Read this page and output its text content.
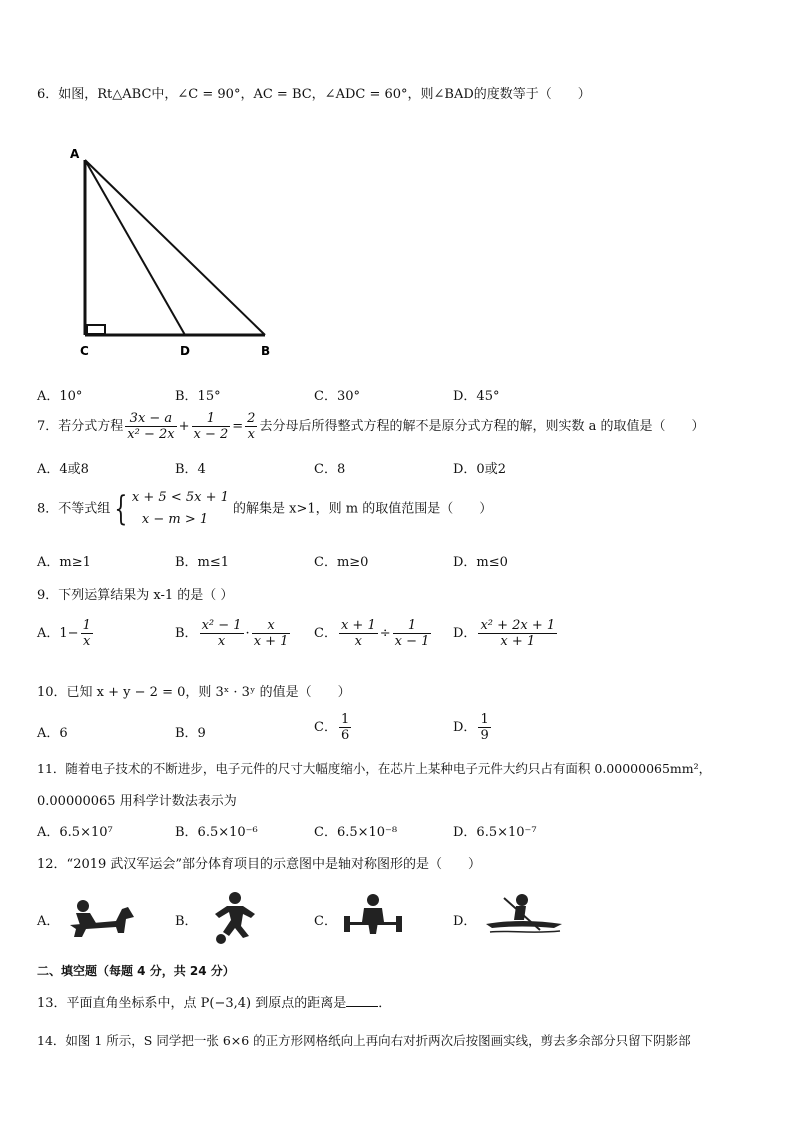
6．如图，Rt△ABC中，∠C = 90°，AC = BC，∠ADC = 60°，则∠BAD的度数等于（　　）
A
C	D	B
A．10°	B．15°	C．30°	D．45°
7．若分式方程 $\frac{3x - a}{\text{x² − 2x}} + \frac{1}{x - 2} = \frac{2}{x}$ 去分母后所得整式方程的解不是原分式方程的解，则实数 a 的取值是（　　）
A．4或8	B．4	C．8	D．0或2
8．不等式组 { x + 5 < 5x + 1
x − m > 1
的解集是 x>1，则 m 的取值范围是（　　）
A．m≥1	B．m≤1	C．m≥0	D．m≤0
9．下列运算结果为 x-1 的是（ ）
A．$1- \frac{1}{x}$	B． $\frac{\text{x² − 1}}{x} \cdot \frac{x}{x + 1}$ C． $\frac{x + 1}{x} \div \frac{1}{x - 1}$ D． $\frac{\text{x² + 2x + 1}}{x + 1}$
10．已知 x + y − 2 = 0，则 3ˣ · 3ʸ 的值是（　　）
A．6	B．9	C． $\frac{1}{6}$	D． $\frac{1}{9}$
11．随着电子技术的不断进步，电子元件的尺寸大幅度缩小，在芯片上某种电子元件大约只占有面积 0.00000065mm²，
0.00000065 用科学计数法表示为
A．6.5×10⁷	B．6.5×10⁻⁶	C．6.5×10⁻⁸	D．6.5×10⁻⁷
12．“2019 武汉军运会”部分体育项目的示意图中是轴对称图形的是（　　）
A．	B．	C．	D．
二、填空题（每题 4 分，共 24 分）
13．平面直角坐标系中，点 P(−3,4) 到原点的距离是 ．
14．如图 1 所示，S 同学把一张 6×6 的正方形网格纸向上再向右对折两次后按图画实线，剪去多余部分只留下阴影部
